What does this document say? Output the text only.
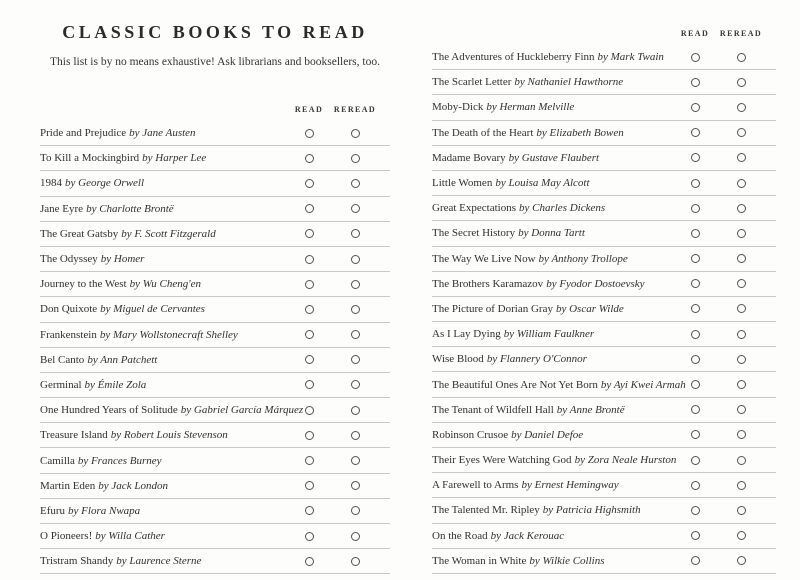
CLASSIC BOOKS TO READ

This list is by no means exhaustive! Ask librarians and booksellers, too.

READ	REREAD
Pride and Prejudice by Jane Austen
To Kill a Mockingbird by Harper Lee
1984 by George Orwell
Jane Eyre by Charlotte Brontë
The Great Gatsby by F. Scott Fitzgerald
The Odyssey by Homer
Journey to the West by Wu Cheng'en
Don Quixote by Miguel de Cervantes
Frankenstein by Mary Wollstonecraft Shelley
Bel Canto by Ann Patchett
Germinal by Émile Zola
One Hundred Years of Solitude by Gabriel García Márquez
Treasure Island by Robert Louis Stevenson
Camilla by Frances Burney
Martin Eden by Jack London
Efuru by Flora Nwapa
O Pioneers! by Willa Cather
Tristram Shandy by Laurence Sterne
READ	REREAD
The Adventures of Huckleberry Finn by Mark Twain
The Scarlet Letter by Nathaniel Hawthorne
Moby-Dick by Herman Melville
The Death of the Heart by Elizabeth Bowen
Madame Bovary by Gustave Flaubert
Little Women by Louisa May Alcott
Great Expectations by Charles Dickens
The Secret History by Donna Tartt
The Way We Live Now by Anthony Trollope
The Brothers Karamazov by Fyodor Dostoevsky
The Picture of Dorian Gray by Oscar Wilde
As I Lay Dying by William Faulkner
Wise Blood by Flannery O'Connor
The Beautiful Ones Are Not Yet Born by Ayi Kwei Armah
The Tenant of Wildfell Hall by Anne Brontë
Robinson Crusoe by Daniel Defoe
Their Eyes Were Watching God by Zora Neale Hurston
A Farewell to Arms by Ernest Hemingway
The Talented Mr. Ripley by Patricia Highsmith
On the Road by Jack Kerouac
The Woman in White by Wilkie Collins
